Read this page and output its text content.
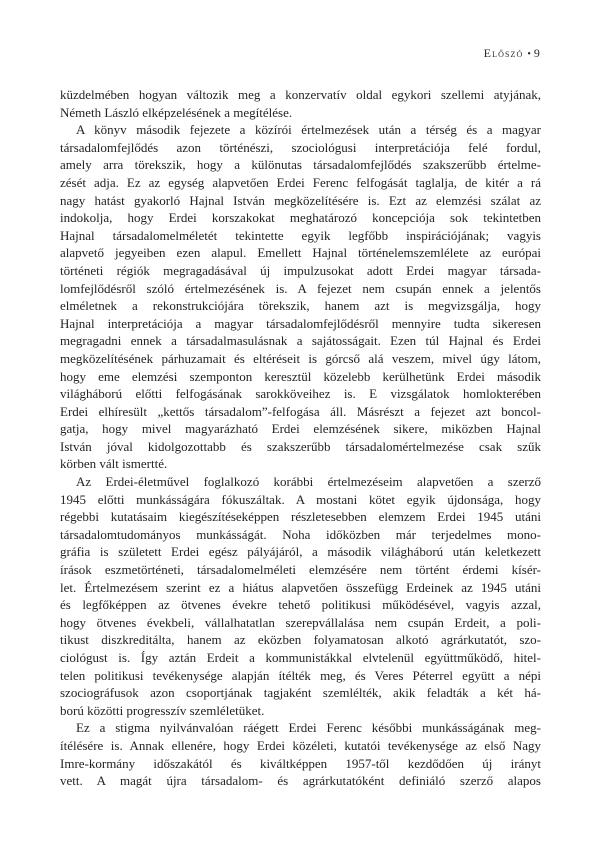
Előszó • 9
küzdelmében hogyan változik meg a konzervatív oldal egykori szellemi atyjának,
Németh László elképzelésének a megítélése.
A könyv második fejezete a közírói értelmezések után a térség és a magyar
társadalomfejlődés azon történészi, szociológusi interpretációja felé fordul,
amely arra törekszik, hogy a különutas társadalomfejlődés szakszerűbb értelme-
zését adja. Ez az egység alapvetően Erdei Ferenc felfogását taglalja, de kitér a rá
nagy hatást gyakorló Hajnal István megközelítésére is. Ezt az elemzési szálat az
indokolja, hogy Erdei korszakokat meghatározó koncepciója sok tekintetben
Hajnal társadalomelméletét tekintette egyik legfőbb inspirációjának; vagyis
alapvető jegyeiben ezen alapul. Emellett Hajnal történelemszemlélete az európai
történeti régiók megragadásával új impulzusokat adott Erdei magyar társada-
lomfejlődésről szóló értelmezésének is. A fejezet nem csupán ennek a jelentős
elméletnek a rekonstrukciójára törekszik, hanem azt is megvizsgálja, hogy
Hajnal interpretációja a magyar társadalomfejlődésről mennyire tudta sikeresen
megragadni ennek a társadalmasulásnak a sajátosságait. Ezen túl Hajnal és Erdei
megközelítésének párhuzamait és eltéréseit is górcső alá veszem, mivel úgy látom,
hogy eme elemzési szemponton keresztül közelebb kerülhetünk Erdei második
világháború előtti felfogásának sarokköveihez is. E vizsgálatok homlokterében
Erdei elhíresült „kettős társadalom”-felfogása áll. Másrészt a fejezet azt boncol-
gatja, hogy mivel magyarázható Erdei elemzésének sikere, miközben Hajnal
István jóval kidolgozottabb és szakszerűbb társadalomértelmezése csak szűk
körben vált ismertté.
Az Erdei-életművel foglalkozó korábbi értelmezéseim alapvetően a szerző
1945 előtti munkásságára fókuszáltak. A mostani kötet egyik újdonsága, hogy
régebbi kutatásaim kiegészítéseképpen részletesebben elemzem Erdei 1945 utáni
társadalomtudományos munkásságát. Noha időközben már terjedelmes mono-
gráfia is született Erdei egész pályájáról, a második világháború után keletkezett
írások eszmetörténeti, társadalomelméleti elemzésére nem történt érdemi kísér-
let. Értelmezésem szerint ez a hiátus alapvetően összefügg Erdeinek az 1945 utáni
és legfőképpen az ötvenes évekre tehető politikusi működésével, vagyis azzal,
hogy ötvenes évekbeli, vállalhatatlan szerepvállalása nem csupán Erdeit, a poli-
tikust diszkreditálta, hanem az eközben folyamatosan alkotó agrárkutatót, szo-
ciológust is. Így aztán Erdeit a kommunistákkal elvtelenül együttműködő, hitel-
telen politikusi tevékenysége alapján ítélték meg, és Veres Péterrel együtt a népi
szociográfusok azon csoportjának tagjaként szemlélték, akik feladták a két há-
ború közötti progresszív szemléletüket.
Ez a stigma nyilvánvalóan ráégett Erdei Ferenc későbbi munkásságának meg-
ítélésére is. Annak ellenére, hogy Erdei közéleti, kutatói tevékenysége az első Nagy
Imre-kormány időszakától és kiváltképpen 1957-től kezdődően új irányt
vett. A magát újra társadalom- és agrárkutatóként definiáló szerző alapos
